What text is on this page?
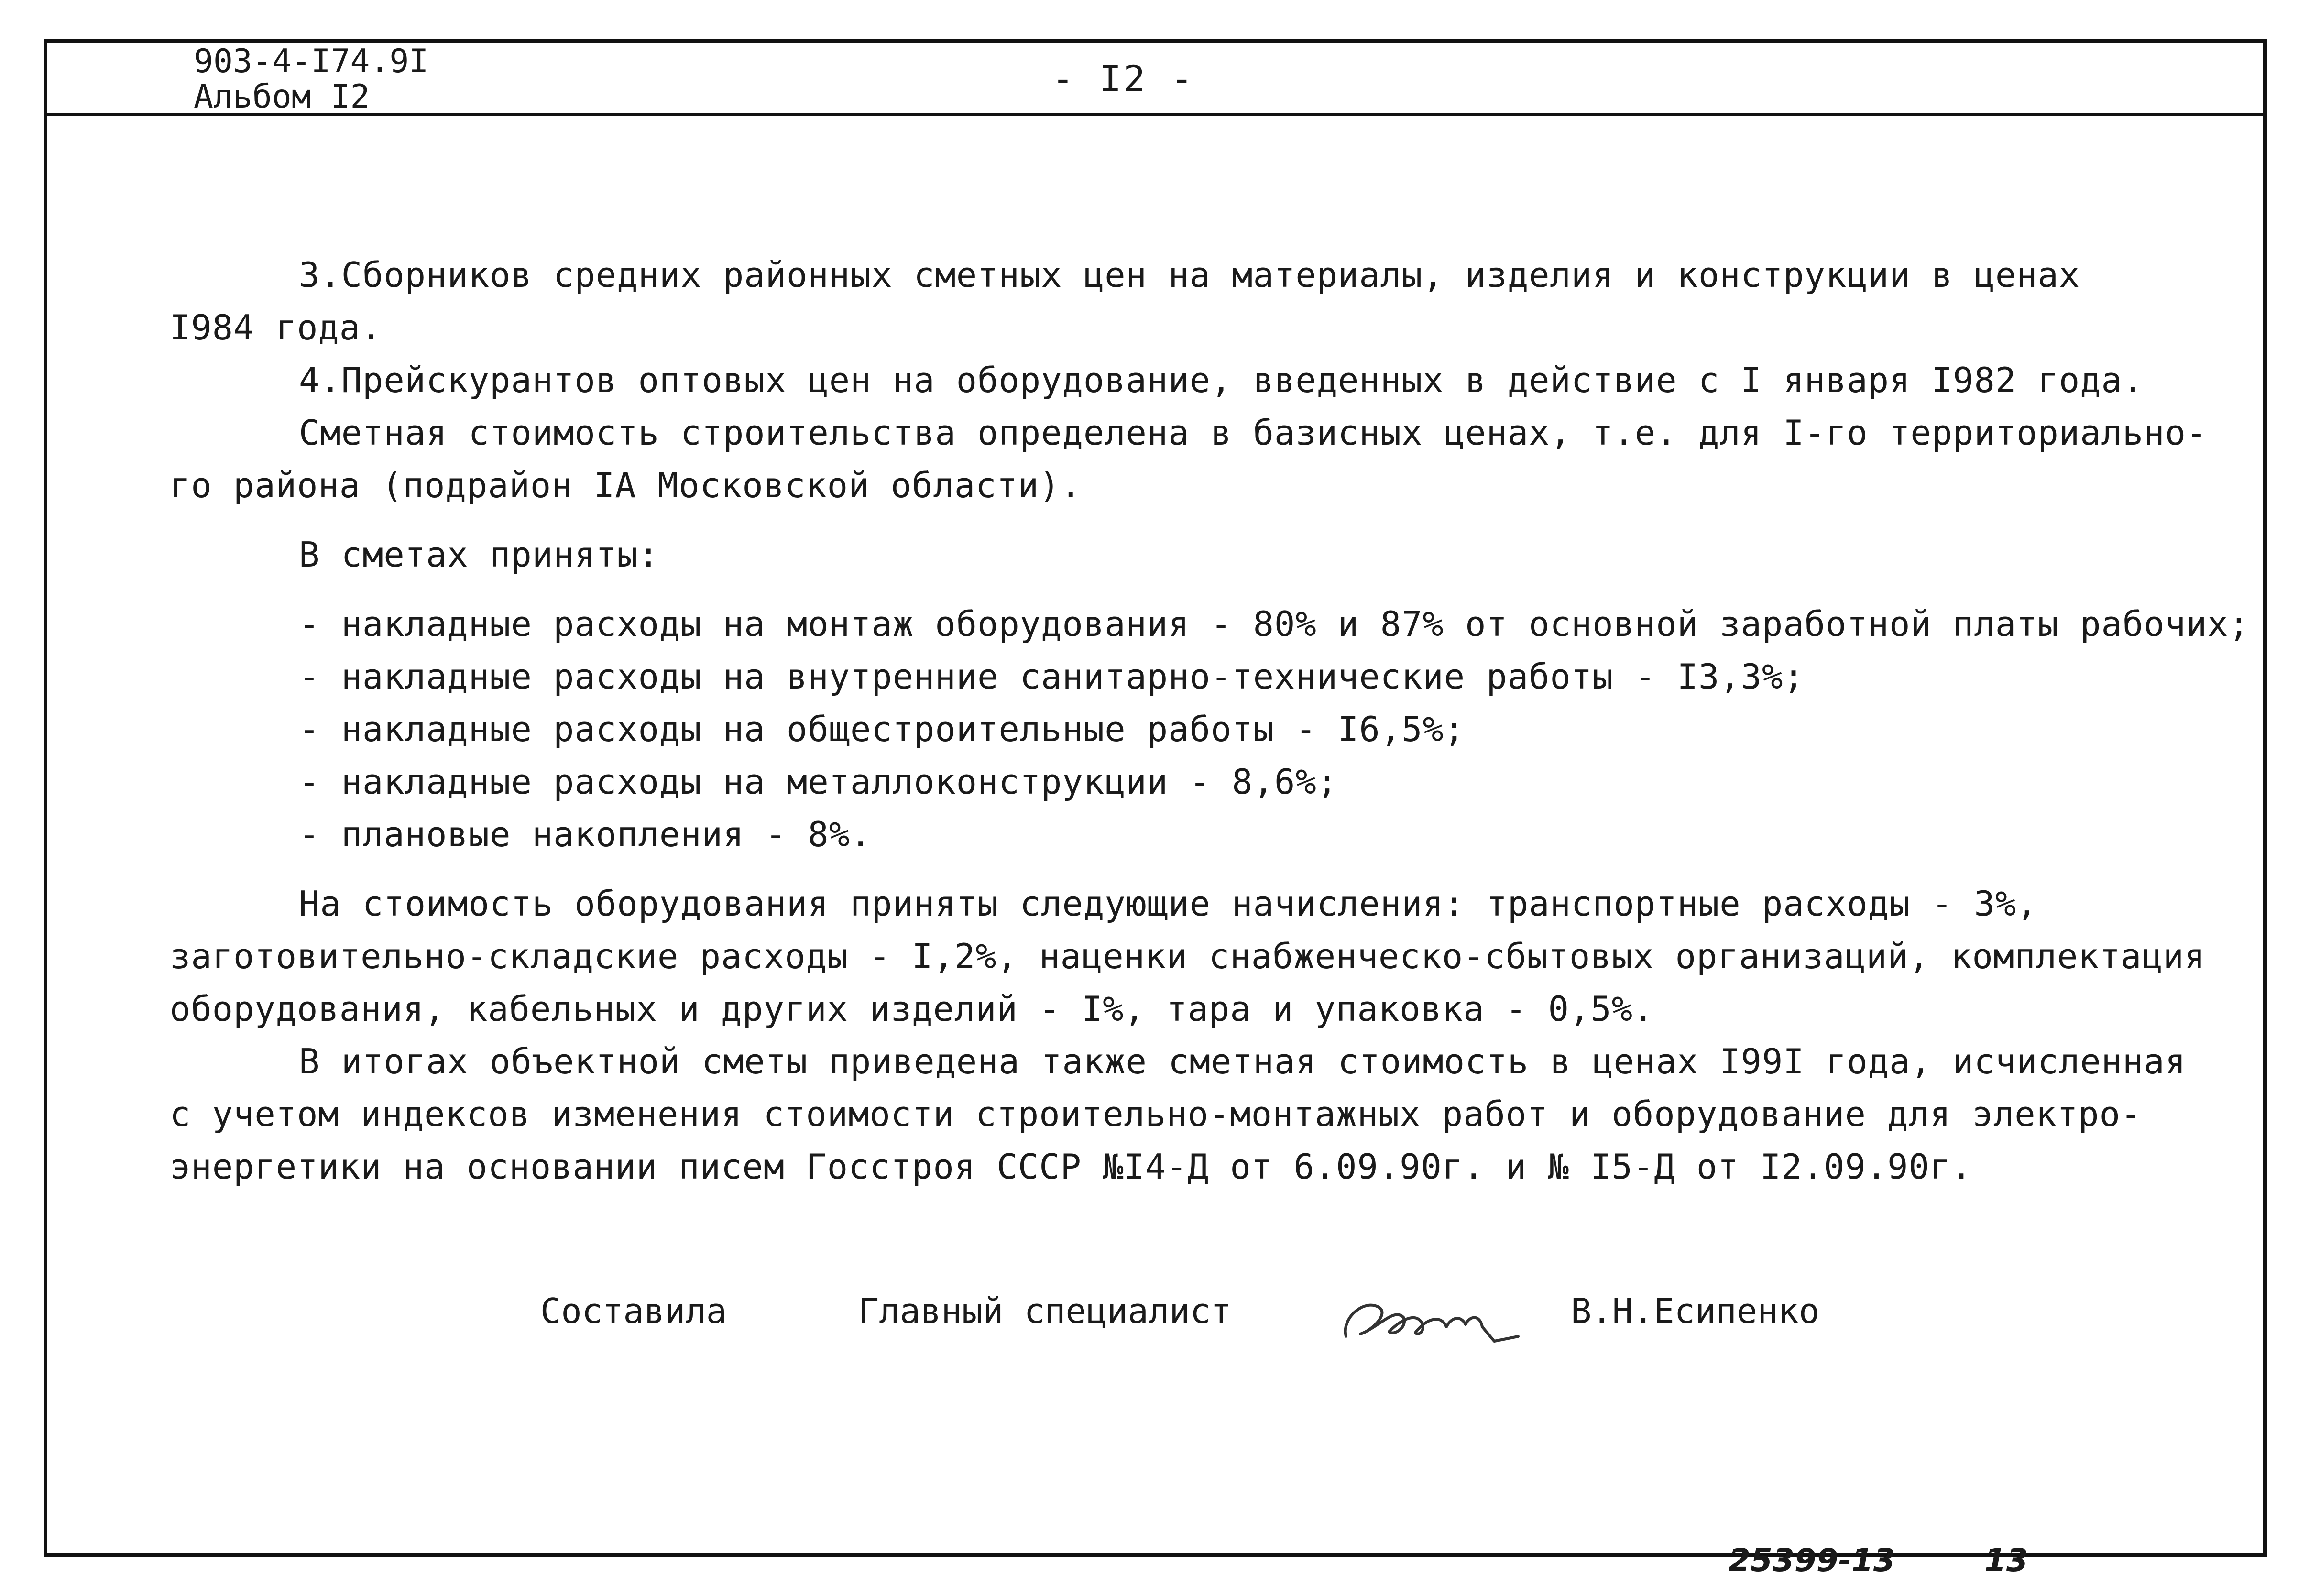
903-4-I74.9I
Альбом I2	- I2 -
3.Сборников средних районных сметных цен на материалы, изделия и конструкции в ценах
I984 года.
4.Прейскурантов оптовых цен на оборудование, введенных в действие с I января I982 года.
Сметная стоимость строительства определена в базисных ценах, т.е. для I-го территориально-
го района (подрайон IA Московской области).
В сметах приняты:
- накладные расходы на монтаж оборудования - 80% и 87% от основной заработной платы рабочих;
- накладные расходы на внутренние санитарно-технические работы - I3,3%;
- накладные расходы на общестроительные работы - I6,5%;
- накладные расходы на металлоконструкции - 8,6%;
- плановые накопления - 8%.
На стоимость оборудования приняты следующие начисления: транспортные расходы - 3%,
заготовительно-складские расходы - I,2%, наценки снабженческо-сбытовых организаций, комплектация
оборудования, кабельных и других изделий - I%, тара и упаковка - 0,5%.
В итогах объектной сметы приведена также сметная стоимость в ценах I99I года, исчисленная
с учетом индексов изменения стоимости строительно-монтажных работ и оборудование для электро-
энергетики на основании писем Госстроя СССР №I4-Д от 6.09.90г. и № I5-Д от I2.09.90г.
Составила	Главный специалист	В.Н.Есипенко
25399-13	13
